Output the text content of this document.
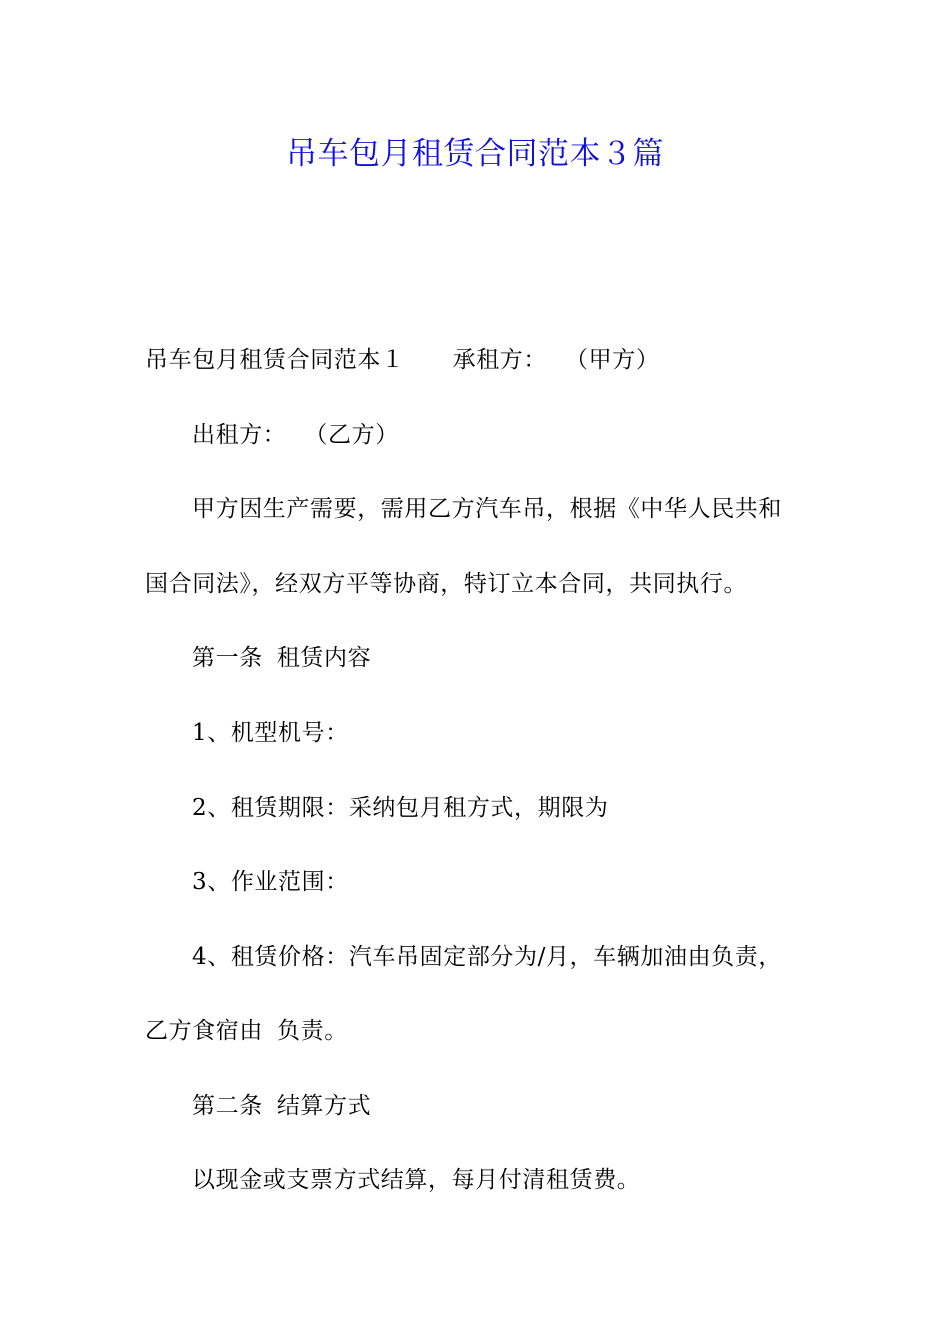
吊车包月租赁合同范本３篇
吊车包月租赁合同范本１ 承租方： （甲方）
出租方： （乙方）
甲方因生产需要，需用乙方汽车吊，根据《中华人民共和
国合同法》，经双方平等协商，特订立本合同，共同执行。
第一条 租赁内容
1、机型机号：
2、租赁期限：采纳包月租方式，期限为
3、作业范围：
4、租赁价格：汽车吊固定部分为/月，车辆加油由负责，
乙方食宿由 负责。
第二条 结算方式
以现金或支票方式结算，每月付清租赁费。
